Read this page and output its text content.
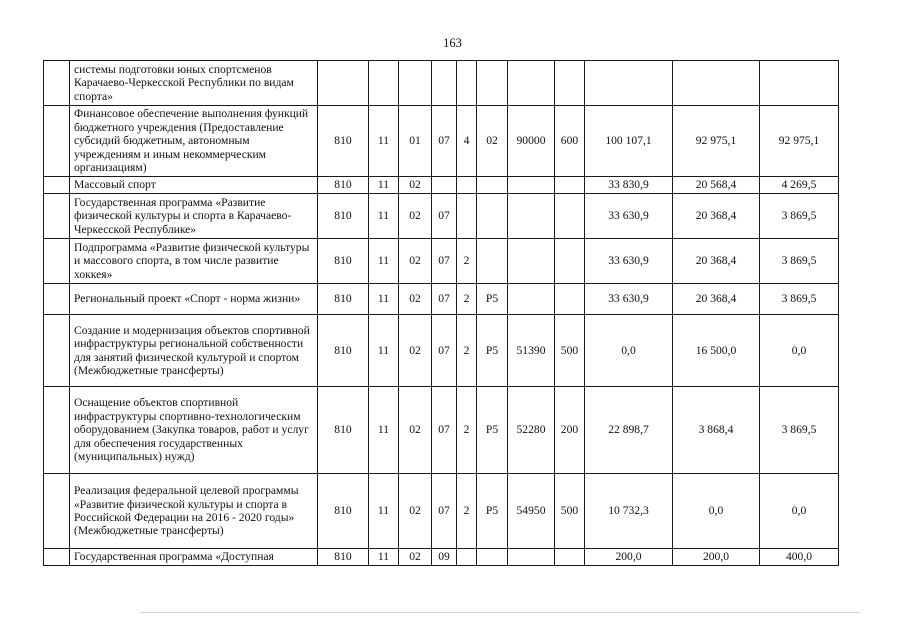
163
	системы подготовки юных спортсменов Карачаево-Черкесской Республики по видам спорта»											
	Финансовое обеспечение выполнения функций бюджетного учреждения (Предоставление субсидий бюджетным, автономным учреждениям и иным некоммерческим организациям)	810	11	01	07	4	02	90000	600	100 107,1	92 975,1	92 975,1
	Массовый спорт	810	11	02						33 830,9	20 568,4	4 269,5
	Государственная программа «Развитие физической культуры и спорта в Карачаево-Черкесской Республике»	810	11	02	07					33 630,9	20 368,4	3 869,5
	Подпрограмма «Развитие физической культуры и массового спорта, в том числе развитие хоккея»	810	11	02	07	2				33 630,9	20 368,4	3 869,5
	Региональный проект «Спорт - норма жизни»	810	11	02	07	2	P5			33 630,9	20 368,4	3 869,5
	Создание и модернизация объектов спортивной инфраструктуры региональной собственности для занятий физической культурой и спортом (Межбюджетные трансферты)	810	11	02	07	2	P5	51390	500	0,0	16 500,0	0,0
	Оснащение объектов спортивной инфраструктуры спортивно-технологическим оборудованием (Закупка товаров, работ и услуг для обеспечения государственных (муниципальных) нужд)	810	11	02	07	2	P5	52280	200	22 898,7	3 868,4	3 869,5
	Реализация федеральной целевой программы «Развитие физической культуры и спорта в Российской Федерации на 2016 - 2020 годы» (Межбюджетные трансферты)	810	11	02	07	2	P5	54950	500	10 732,3	0,0	0,0
	Государственная программа «Доступная	810	11	02	09					200,0	200,0	400,0
